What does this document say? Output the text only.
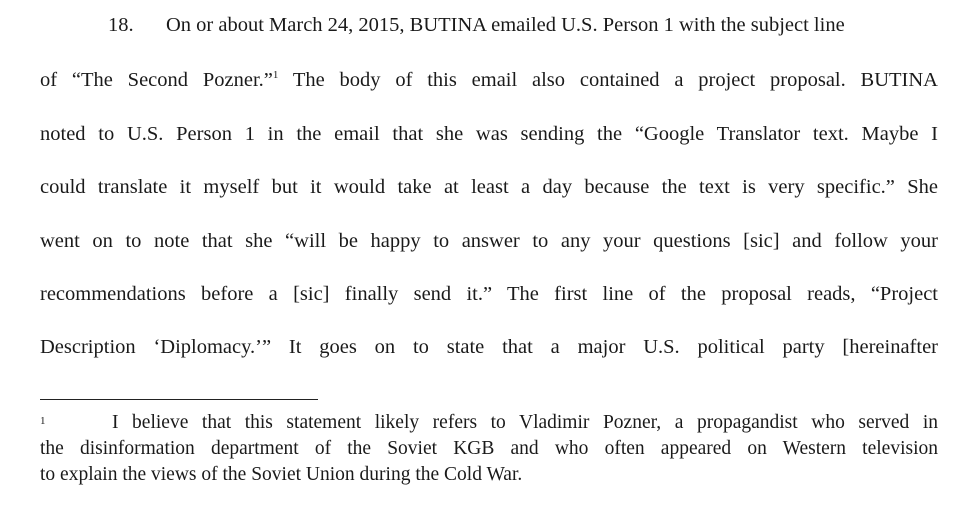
18. On or about March 24, 2015, BUTINA emailed U.S. Person 1 with the subject line
of “The Second Pozner.”$^1$ The body of this email also contained a project proposal. BUTINA
noted to U.S. Person 1 in the email that she was sending the “Google Translator text. Maybe I
could translate it myself but it would take at least a day because the text is very specific.” She
went on to note that she “will be happy to answer to any your questions [sic] and follow your
recommendations before a [sic] finally send it.” The first line of the proposal reads, “Project
Description ‘Diplomacy.’” It goes on to state that a major U.S. political party [hereinafter
1	I believe that this statement likely refers to Vladimir Pozner, a propagandist who served in
the disinformation department of the Soviet KGB and who often appeared on Western television
to explain the views of the Soviet Union during the Cold War.
